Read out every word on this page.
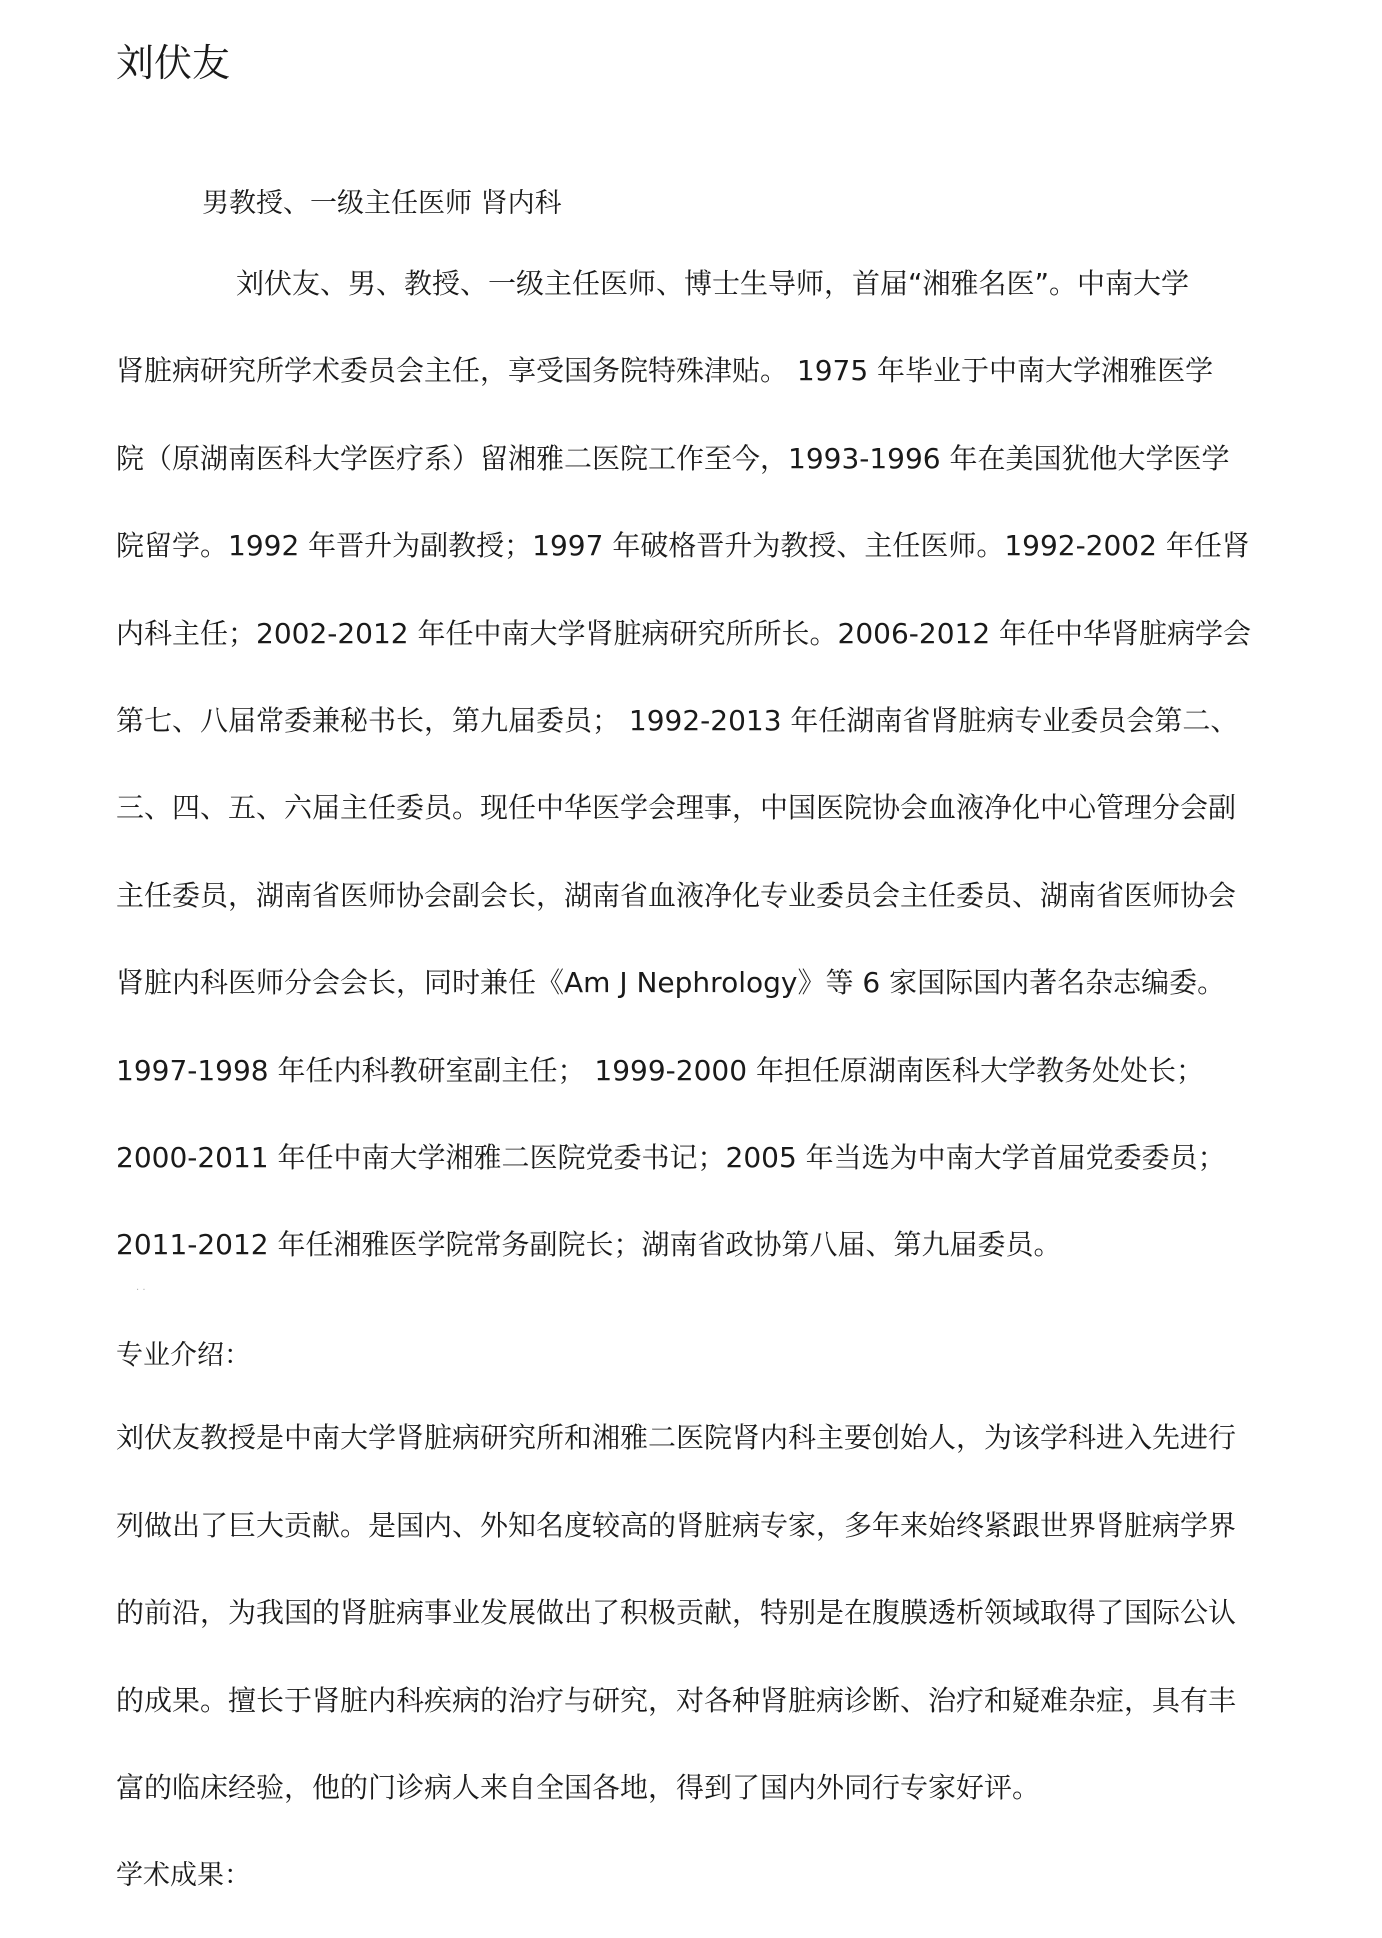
刘伏友

男教授、一级主任医师 肾内科

刘伏友、男、教授、一级主任医师、博士生导师，首届“湘雅名医”。中南大学
肾脏病研究所学术委员会主任，享受国务院特殊津贴。 1975 年毕业于中南大学湘雅医学
院（原湖南医科大学医疗系）留湘雅二医院工作至今，1993-1996 年在美国犹他大学医学
院留学。1992 年晋升为副教授；1997 年破格晋升为教授、主任医师。1992-2002 年任肾
内科主任；2002-2012 年任中南大学肾脏病研究所所长。2006-2012 年任中华肾脏病学会
第七、八届常委兼秘书长，第九届委员； 1992-2013 年任湖南省肾脏病专业委员会第二、
三、四、五、六届主任委员。现任中华医学会理事，中国医院协会血液净化中心管理分会副
主任委员，湖南省医师协会副会长，湖南省血液净化专业委员会主任委员、湖南省医师协会
肾脏内科医师分会会长，同时兼任《Am J Nephrology》等 6 家国际国内著名杂志编委。
1997-1998 年任内科教研室副主任； 1999-2000 年担任原湖南医科大学教务处处长；
2000-2011 年任中南大学湘雅二医院党委书记；2005 年当选为中南大学首届党委委员；
2011-2012 年任湘雅医学院常务副院长；湖南省政协第八届、第九届委员。
· ·

专业介绍：

刘伏友教授是中南大学肾脏病研究所和湘雅二医院肾内科主要创始人，为该学科进入先进行
列做出了巨大贡献。是国内、外知名度较高的肾脏病专家，多年来始终紧跟世界肾脏病学界
的前沿，为我国的肾脏病事业发展做出了积极贡献，特别是在腹膜透析领域取得了国际公认
的成果。擅长于肾脏内科疾病的治疗与研究，对各种肾脏病诊断、治疗和疑难杂症，具有丰
富的临床经验，他的门诊病人来自全国各地，得到了国内外同行专家好评。

学术成果：
